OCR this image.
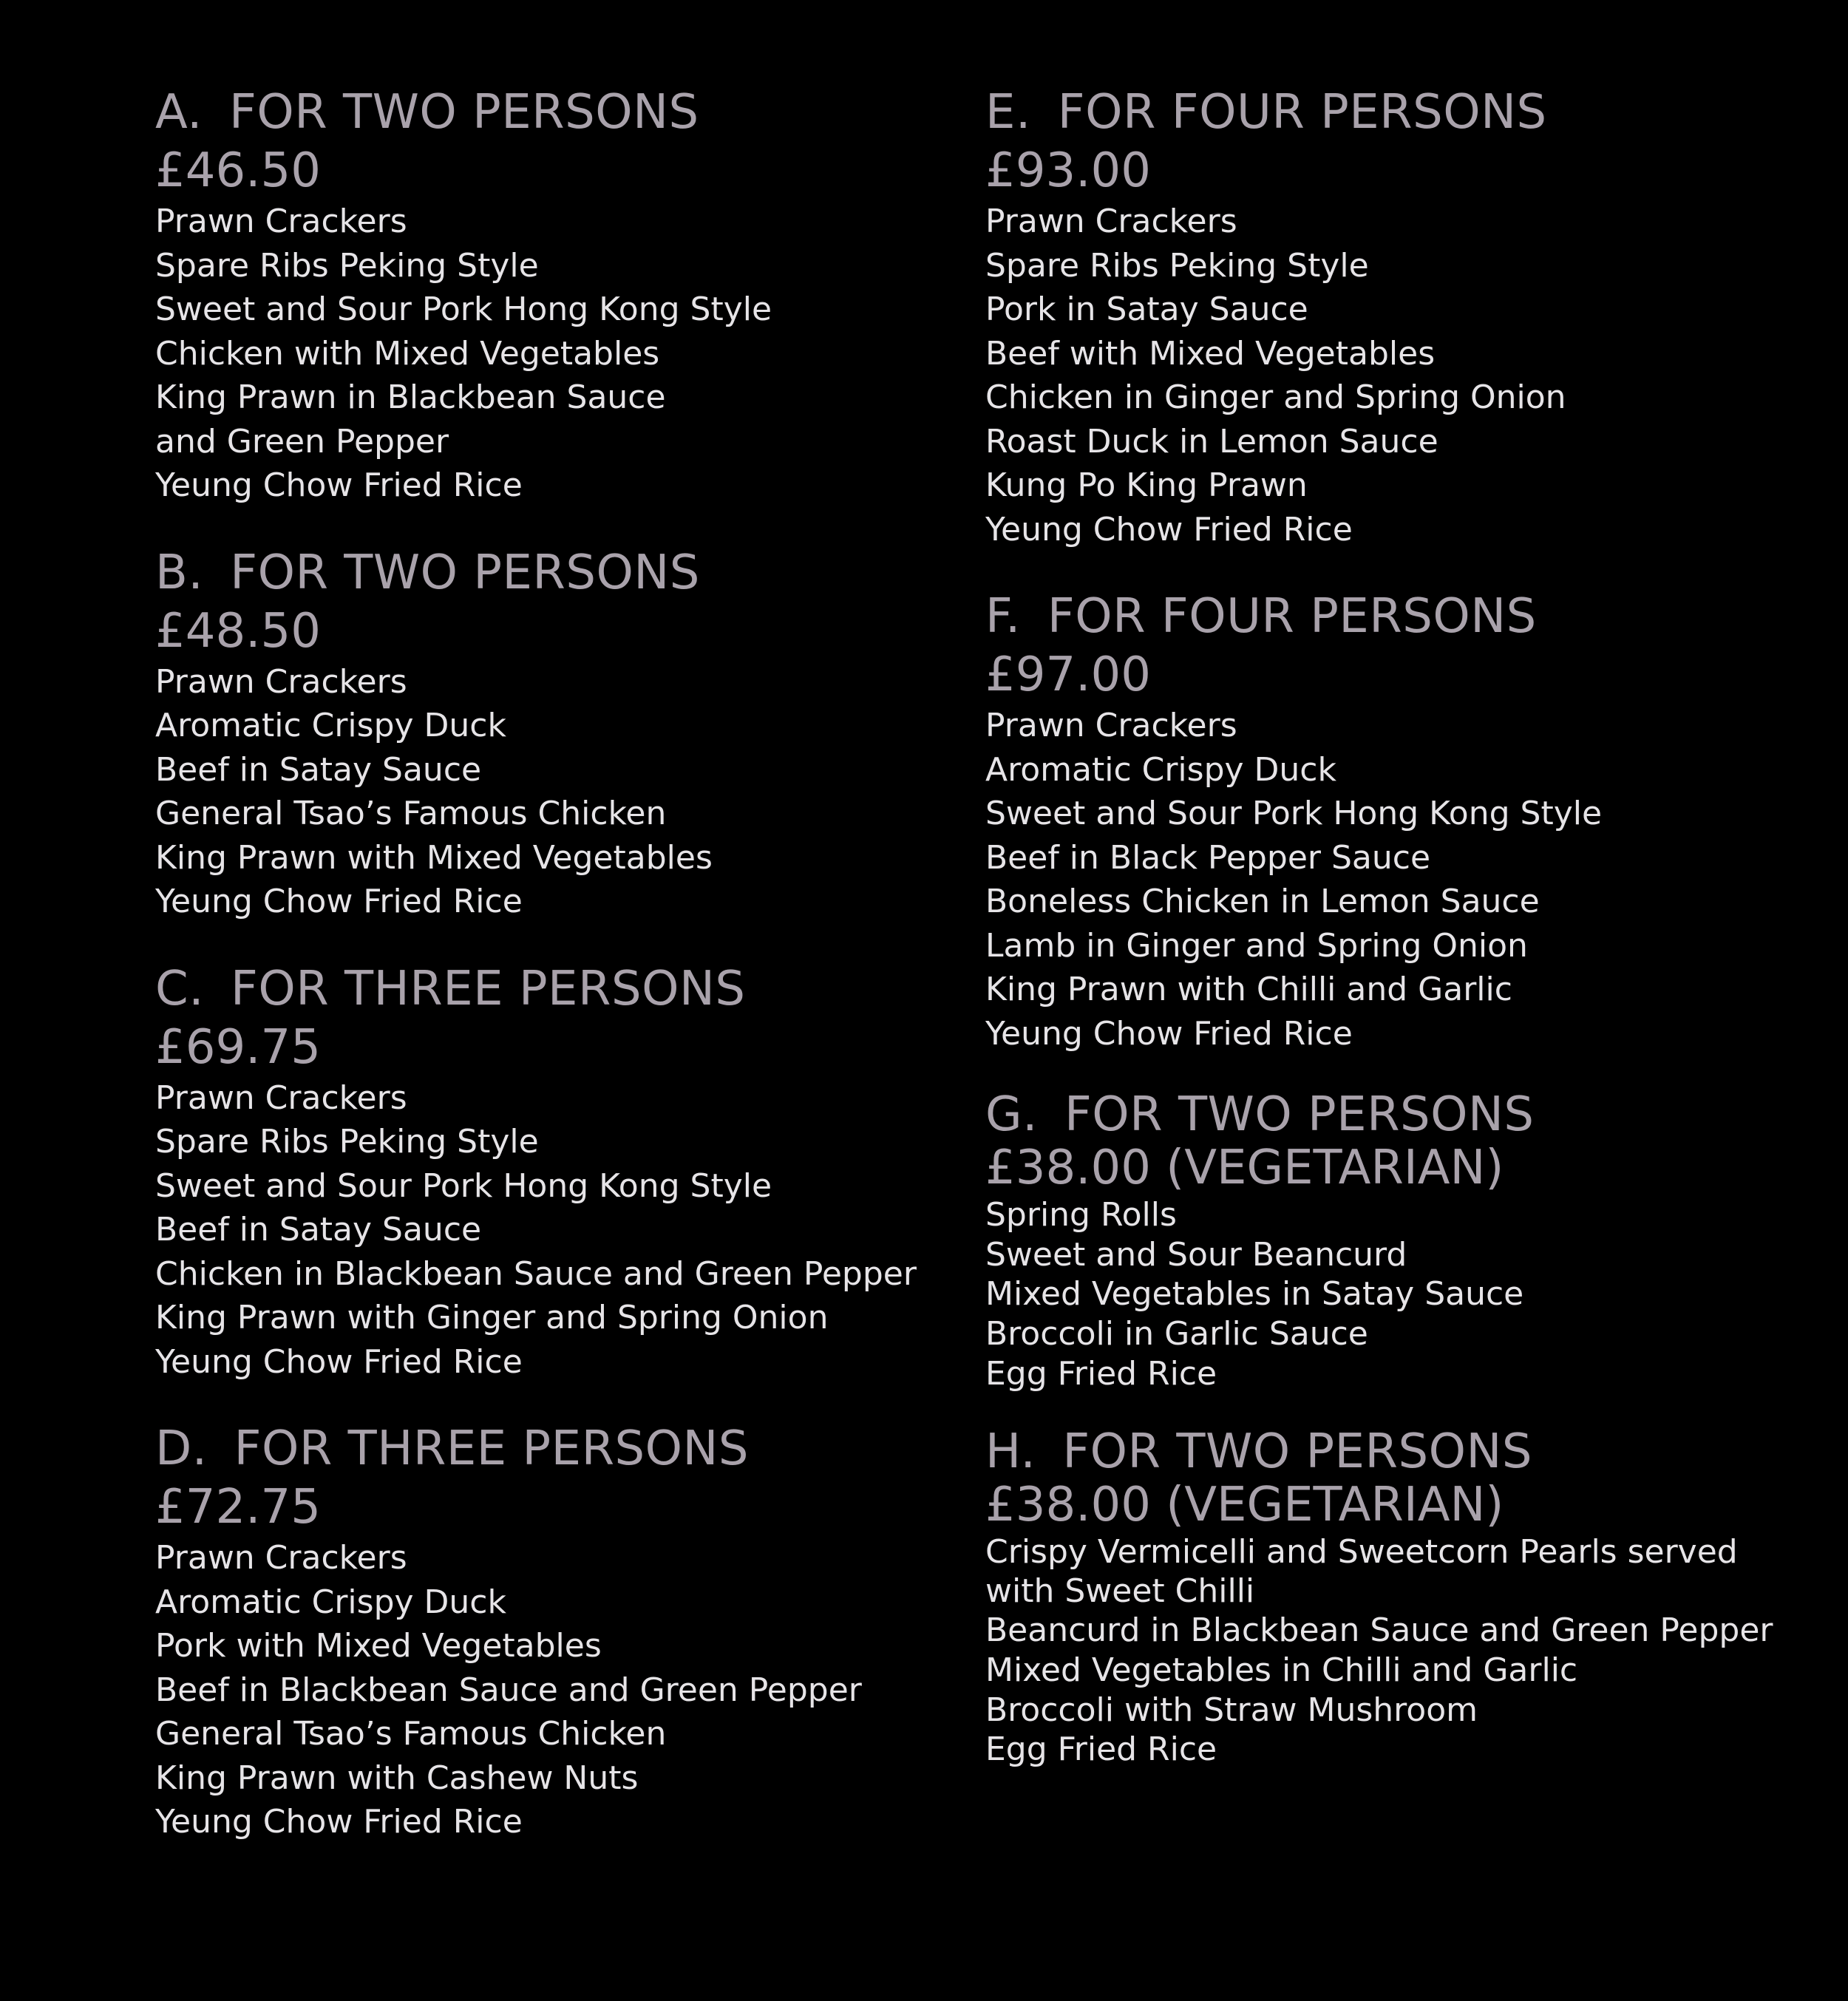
A. FOR TWO PERSONS
£46.50
Prawn Crackers
Spare Ribs Peking Style
Sweet and Sour Pork Hong Kong Style
Chicken with Mixed Vegetables
King Prawn in Blackbean Sauce
and Green Pepper
Yeung Chow Fried Rice
B. FOR TWO PERSONS
£48.50
Prawn Crackers
Aromatic Crispy Duck
Beef in Satay Sauce
General Tsao’s Famous Chicken
King Prawn with Mixed Vegetables
Yeung Chow Fried Rice
C. FOR THREE PERSONS
£69.75
Prawn Crackers
Spare Ribs Peking Style
Sweet and Sour Pork Hong Kong Style
Beef in Satay Sauce
Chicken in Blackbean Sauce and Green Pepper
King Prawn with Ginger and Spring Onion
Yeung Chow Fried Rice
D. FOR THREE PERSONS
£72.75
Prawn Crackers
Aromatic Crispy Duck
Pork with Mixed Vegetables
Beef in Blackbean Sauce and Green Pepper
General Tsao’s Famous Chicken
King Prawn with Cashew Nuts
Yeung Chow Fried Rice
E. FOR FOUR PERSONS
£93.00
Prawn Crackers
Spare Ribs Peking Style
Pork in Satay Sauce
Beef with Mixed Vegetables
Chicken in Ginger and Spring Onion
Roast Duck in Lemon Sauce
Kung Po King Prawn
Yeung Chow Fried Rice
F. FOR FOUR PERSONS
£97.00
Prawn Crackers
Aromatic Crispy Duck
Sweet and Sour Pork Hong Kong Style
Beef in Black Pepper Sauce
Boneless Chicken in Lemon Sauce
Lamb in Ginger and Spring Onion
King Prawn with Chilli and Garlic
Yeung Chow Fried Rice
G. FOR TWO PERSONS
£38.00 (VEGETARIAN)
Spring Rolls
Sweet and Sour Beancurd
Mixed Vegetables in Satay Sauce
Broccoli in Garlic Sauce
Egg Fried Rice
H. FOR TWO PERSONS
£38.00 (VEGETARIAN)
Crispy Vermicelli and Sweetcorn Pearls served
with Sweet Chilli
Beancurd in Blackbean Sauce and Green Pepper
Mixed Vegetables in Chilli and Garlic
Broccoli with Straw Mushroom
Egg Fried Rice
